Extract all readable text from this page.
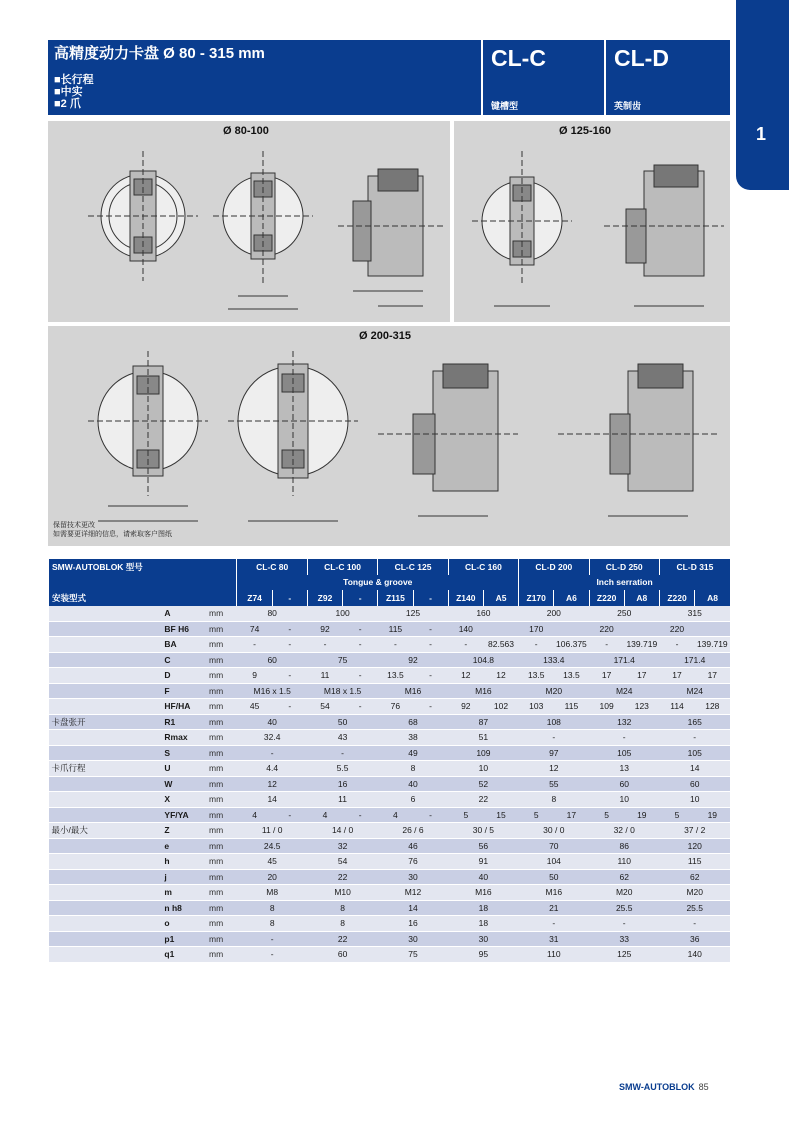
高精度动力卡盘 Ø 80 - 315 mm
■长行程
■中实
■2 爪
CL-C
键槽型
CL-D
英制齿
1
Ø 80-100	Ø 125-160
Ø 200-315
保留技术更改
如需要更详细的信息，请索取客户图纸
SMW-AUTOBLOK 型号			CL-C 80		CL-C 100		CL-C 125		CL-C 160		CL-D 200		CL-D 250		CL-D 315	
			Tongue & groove								Inch serration					
安装型式			Z74	-	Z92	-	Z115	-	Z140	A5	Z170	A6	Z220	A8	Z220	A8
	A	mm	80		100		125		160		200		250		315	
	BF H6	mm	74	-	92	-	115	-	140		170		220		220	
	BA	mm	-	-	-	-	-	-	-	82.563	-	106.375	-	139.719	-	139.719
	C	mm	60		75		92		104.8		133.4		171.4		171.4	
	D	mm	9	-	11	-	13.5	-	12	12	13.5	13.5	17	17	17	17
	F	mm	M16 x 1.5		M18 x 1.5		M16		M16		M20		M24		M24	
	HF/HA	mm	45	-	54	-	76	-	92	102	103	115	109	123	114	128
卡盘张开	R1	mm	40		50		68		87		108		132		165	
	Rmax	mm	32.4		43		38		51		-		-		-	
	S	mm	-		-		49		109		97		105		105	
卡爪行程	U	mm	4.4		5.5		8		10		12		13		14	
	W	mm	12		16		40		52		55		60		60	
	X	mm	14		11		6		22		8		10		10	
	YF/YA	mm	4	-	4	-	4	-	5	15	5	17	5	19	5	19
最小/最大	Z	mm	11 / 0		14 / 0		26 / 6		30 / 5		30 / 0		32 / 0		37 / 2	
	e	mm	24.5		32		46		56		70		86		120	
	h	mm	45		54		76		91		104		110		115	
	j	mm	20		22		30		40		50		62		62	
	m	mm	M8		M10		M12		M16		M16		M20		M20	
	n h8	mm	8		8		14		18		21		25.5		25.5	
	o	mm	8		8		16		18		-		-		-	
	p1	mm	-		22		30		30		31		33		36	
	q1	mm	-		60		75		95		110		125		140	
SMW-AUTOBLOK 85
